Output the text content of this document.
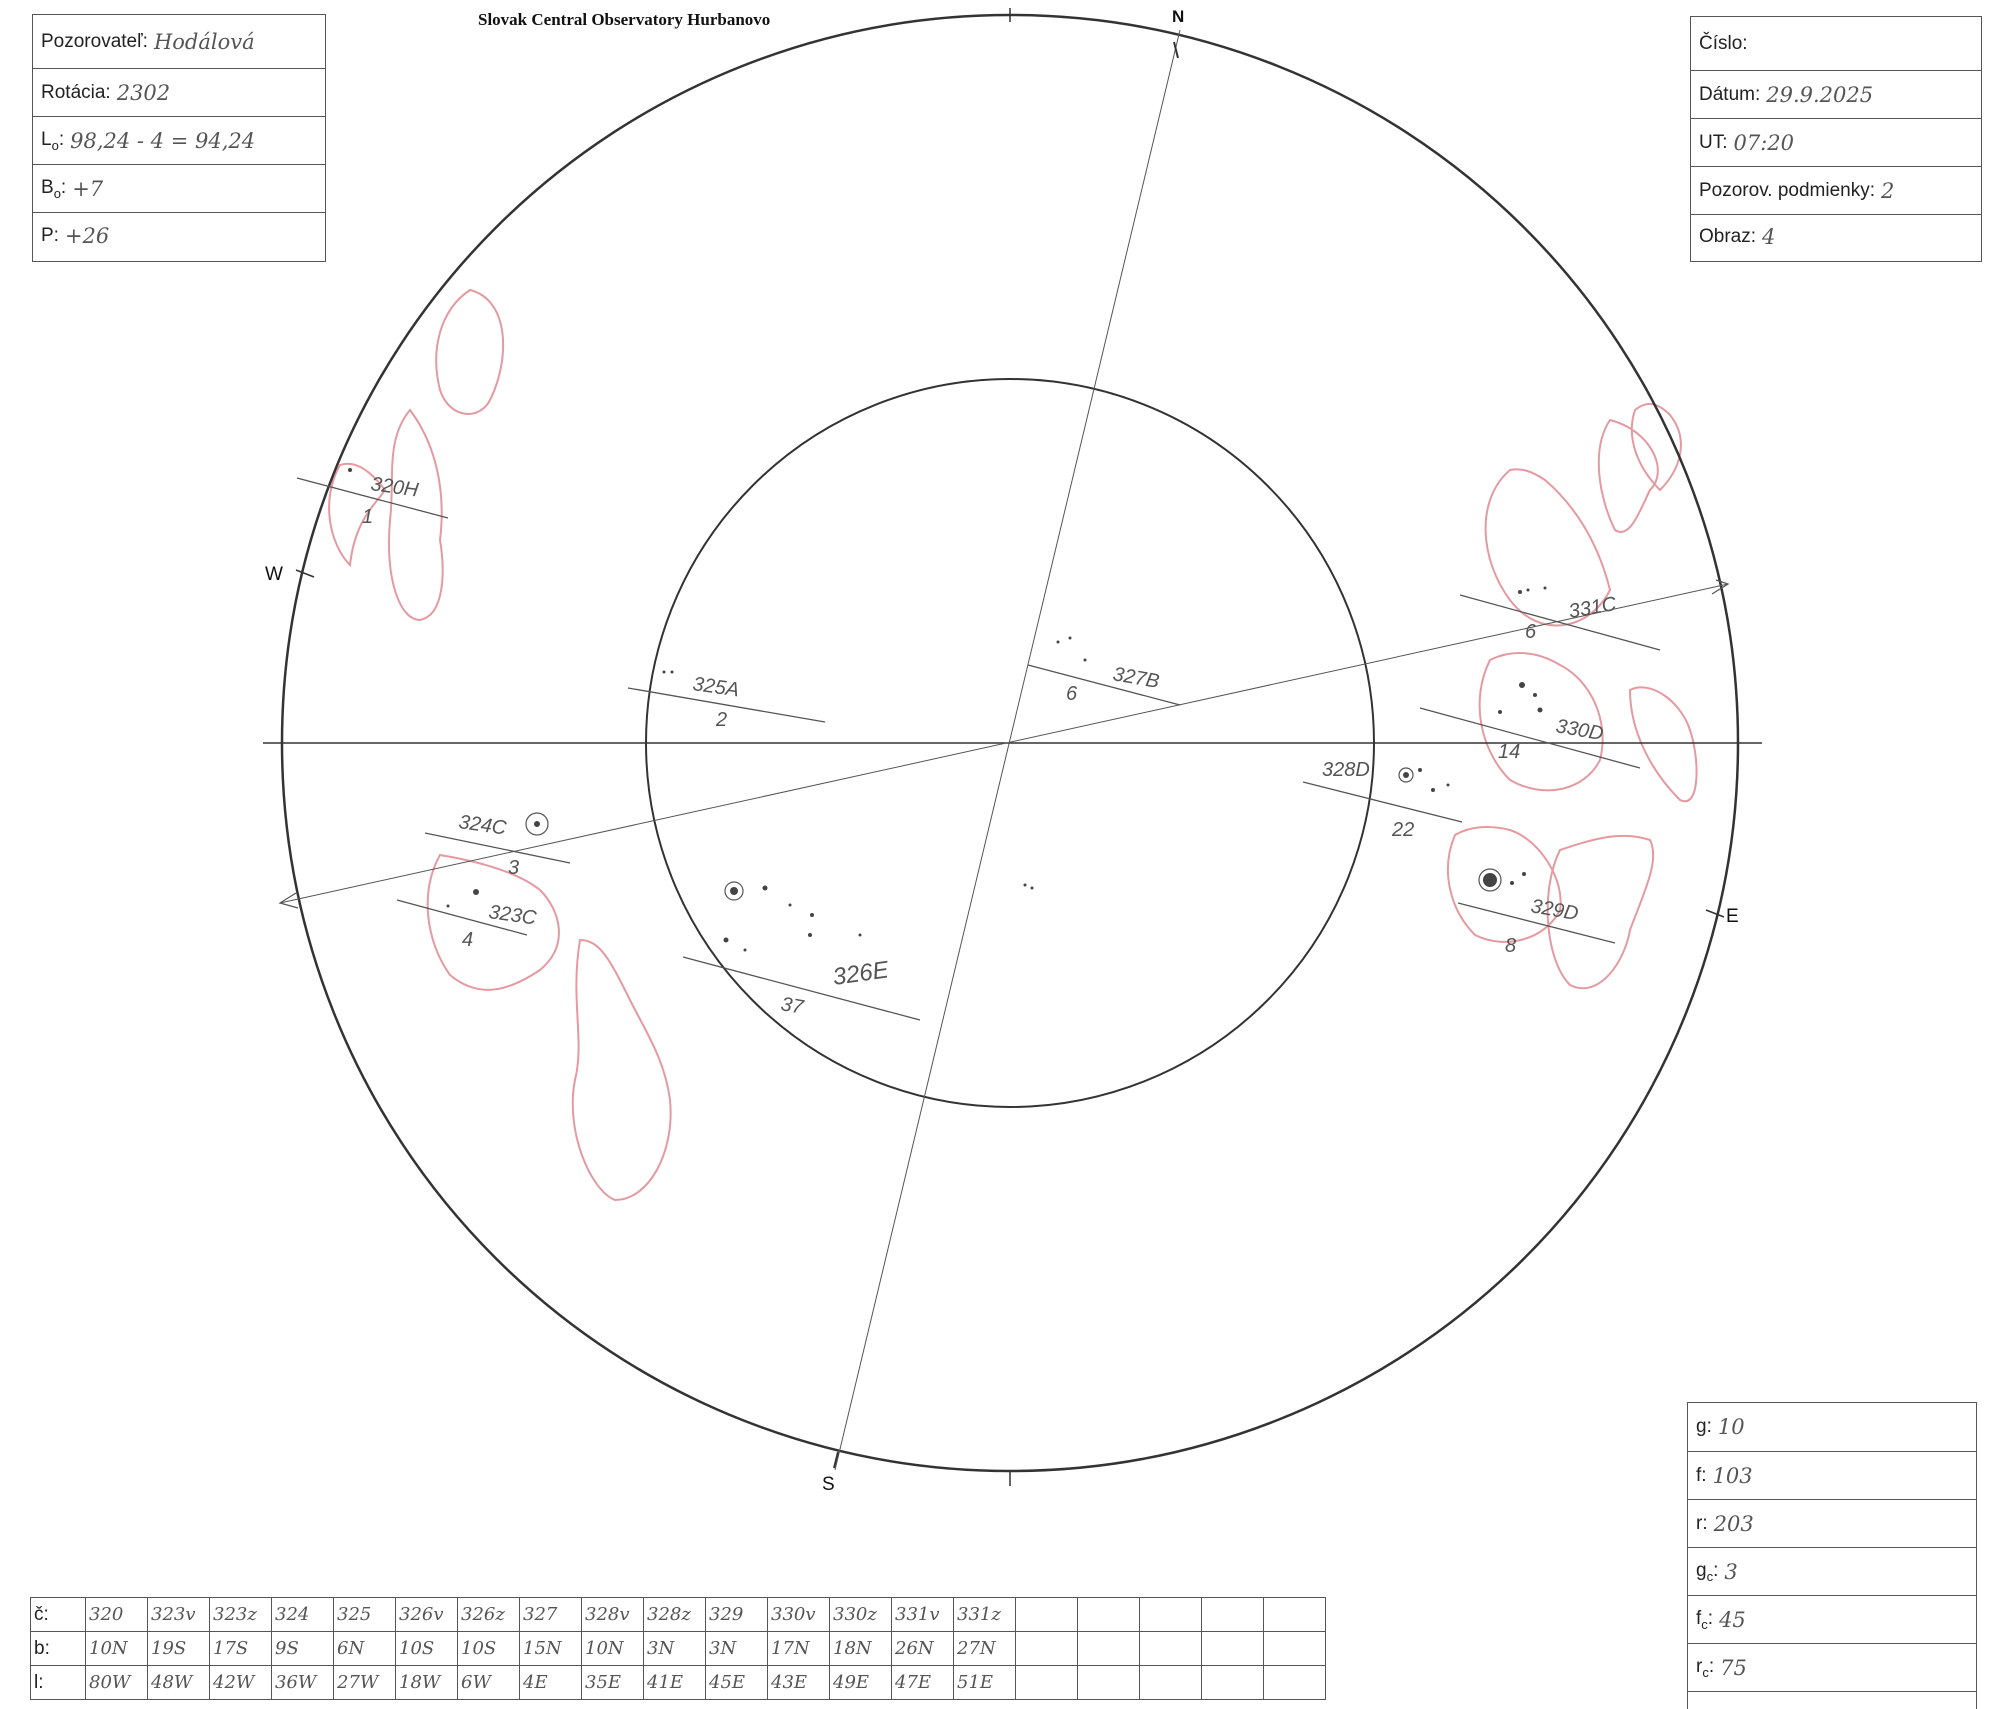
Slovak Central Observatory Hurbanovo
Pozorovateľ: Hodálová
Rotácia: 2302
$L_o$: 98,24 - 4 = 94,24
$B_o$: +7
P: +26
Číslo:
Dátum: 29.9.2025
UT: 07:20
Pozorov. podmienky: 2
Obraz: 4
g: 10
f: 103
r: 203
$g_c$: 3
$f_c$: 45
$r_c$: 75
N
S
W
E
320H
1
325A
2
327B
6
331C
6
330D
14
328D
22
324C
3
323C
4
326E
37
329D
8
č:	320	323v	323z	324	325	326v	326z	327	328v	328z	329	330v	330z	331v	331z					
b:	10N	19S	17S	9S	6N	10S	10S	15N	10N	3N	3N	17N	18N	26N	27N					
l:	80W	48W	42W	36W	27W	18W	6W	4E	35E	41E	45E	43E	49E	47E	51E					
